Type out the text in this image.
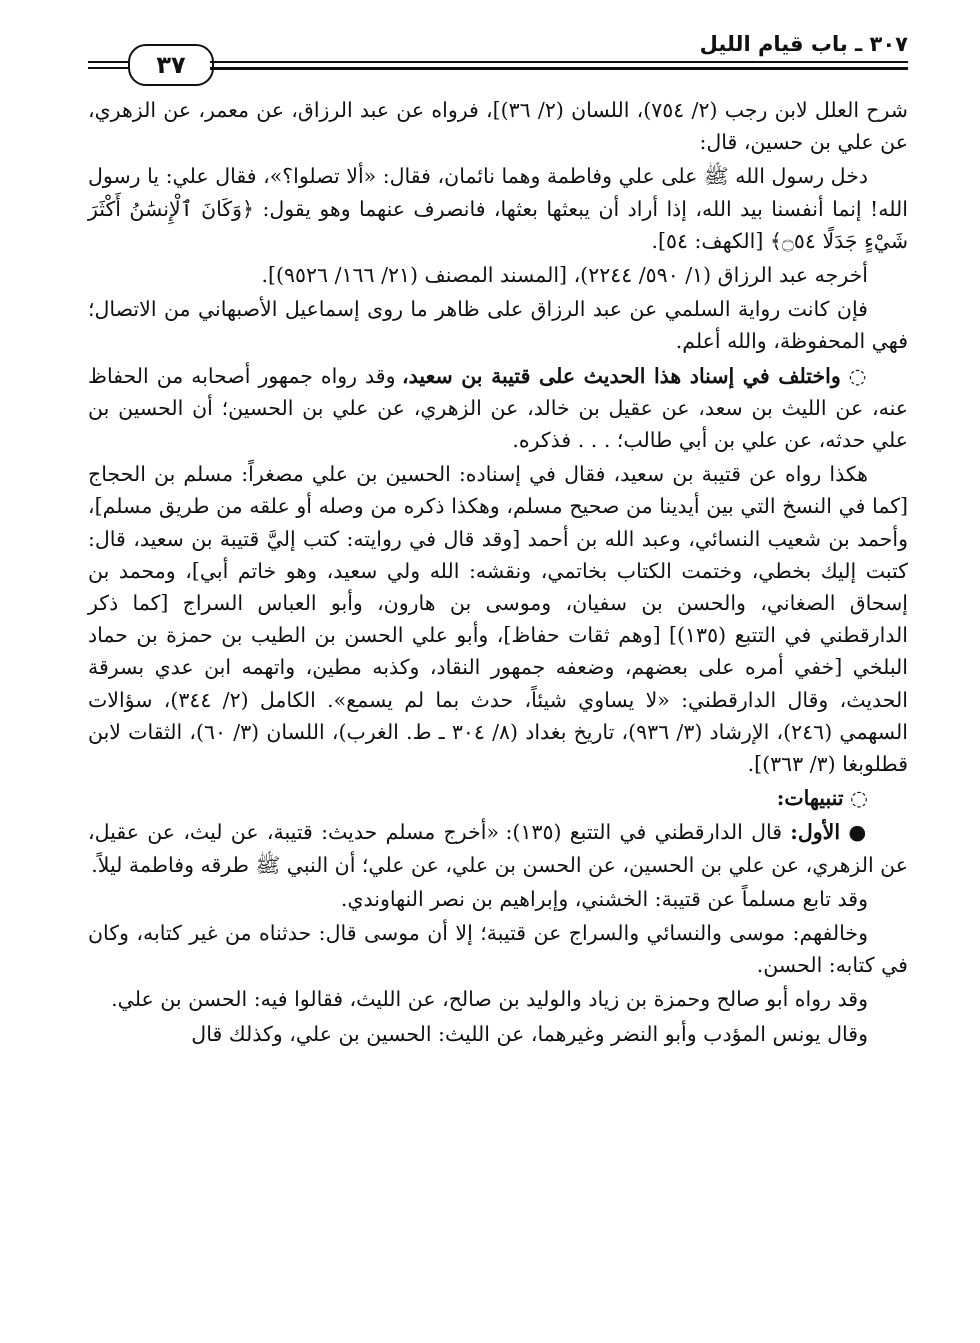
٣٠٧ ـ باب قيام الليل
٣٧

شرح العلل لابن رجب (٢/ ٧٥٤)، اللسان (٢/ ٣٦)]، فرواه عن عبد الرزاق، عن معمر، عن الزهري، عن علي بن حسين، قال:

دخل رسول الله ﷺ على علي وفاطمة وهما نائمان، فقال: «ألا تصلوا؟»، فقال علي: يا رسول الله! إنما أنفسنا بيد الله، إذا أراد أن يبعثها بعثها، فانصرف عنهما وهو يقول: ﴿وَكَانَ ٱلْإِنسَٰنُ أَكْثَرَ شَيْءٍ جَدَلًا ۝٥٤﴾ [الكهف: ٥٤].

أخرجه عبد الرزاق (١/ ٥٩٠/ ٢٢٤٤)، [المسند المصنف (٢١/ ١٦٦/ ٩٥٢٦)].

فإن كانت رواية السلمي عن عبد الرزاق على ظاهر ما روى إسماعيل الأصبهاني من الاتصال؛ فهي المحفوظة، والله أعلم.

◌ واختلف في إسناد هذا الحديث على قتيبة بن سعيد، وقد رواه جمهور أصحابه من الحفاظ عنه، عن الليث بن سعد، عن عقيل بن خالد، عن الزهري، عن علي بن الحسين؛ أن الحسين بن علي حدثه، عن علي بن أبي طالب؛ . . . فذكره.

هكذا رواه عن قتيبة بن سعيد، فقال في إسناده: الحسين بن علي مصغراً: مسلم بن الحجاج [كما في النسخ التي بين أيدينا من صحيح مسلم، وهكذا ذكره من وصله أو علقه من طريق مسلم]، وأحمد بن شعيب النسائي، وعبد الله بن أحمد [وقد قال في روايته: كتب إليَّ قتيبة بن سعيد، قال: كتبت إليك بخطي، وختمت الكتاب بخاتمي، ونقشه: الله ولي سعيد، وهو خاتم أبي]، ومحمد بن إسحاق الصغاني، والحسن بن سفيان، وموسى بن هارون، وأبو العباس السراج [كما ذكر الدارقطني في التتبع (١٣٥)] [وهم ثقات حفاظ]، وأبو علي الحسن بن الطيب بن حمزة بن حماد البلخي [خفي أمره على بعضهم، وضعفه جمهور النقاد، وكذبه مطين، واتهمه ابن عدي بسرقة الحديث، وقال الدارقطني: «لا يساوي شيئاً، حدث بما لم يسمع». الكامل (٢/ ٣٤٤)، سؤالات السهمي (٢٤٦)، الإرشاد (٣/ ٩٣٦)، تاريخ بغداد (٨/ ٣٠٤ ـ ط. الغرب)، اللسان (٣/ ٦٠)، الثقات لابن قطلوبغا (٣/ ٣٦٣)].

◌ تنبيهات:

● الأول: قال الدارقطني في التتبع (١٣٥): «أخرج مسلم حديث: قتيبة، عن ليث، عن عقيل، عن الزهري، عن علي بن الحسين، عن الحسن بن علي، عن علي؛ أن النبي ﷺ طرقه وفاطمة ليلاً.

وقد تابع مسلماً عن قتيبة: الخشني، وإبراهيم بن نصر النهاوندي.

وخالفهم: موسى والنسائي والسراج عن قتيبة؛ إلا أن موسى قال: حدثناه من غير كتابه، وكان في كتابه: الحسن.

وقد رواه أبو صالح وحمزة بن زياد والوليد بن صالح، عن الليث، فقالوا فيه: الحسن بن علي.

وقال يونس المؤدب وأبو النضر وغيرهما، عن الليث: الحسين بن علي، وكذلك قال
